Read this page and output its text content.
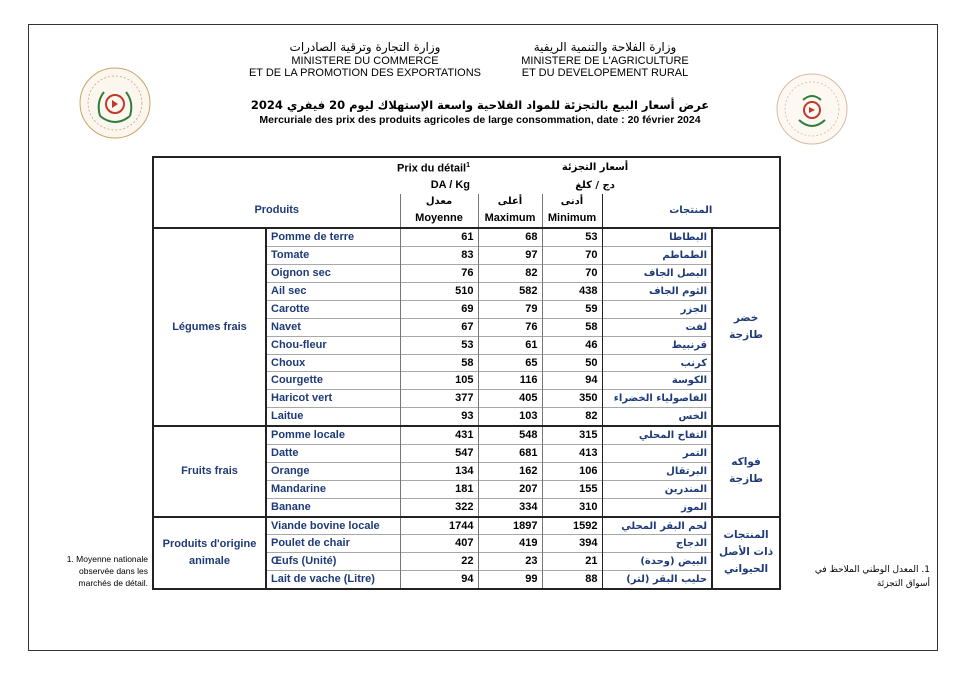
وزارة التجارة وترقية الصادرات
MINISTERE DU COMMERCE
ET DE LA PROMOTION DES EXPORTATIONS
وزارة الفلاحة والتنمية الريفية
MINISTERE DE L'AGRICULTURE
ET DU DEVELOPEMENT RURAL
عرض أسعار البيع بالتجزئة للمواد الفلاحية واسعة الإستهلاك ليوم 20 فيفري 2024
Mercuriale des prix des produits agricoles de large consommation, date : 20 février 2024
Prix du détail$^1$			أسعار التجزئة			
DA / Kg			دج / كلغ			
Produits		معدل	أعلى	أدنى	المنتجات	
		Moyenne	Maximum	Minimum		
Légumes frais	Pomme de terre	61	68	53	البطاطا	خضر طازجة
	Tomate	83	97	70	الطماطم	
	Oignon sec	76	82	70	البصل الجاف	
	Ail sec	510	582	438	الثوم الجاف	
	Carotte	69	79	59	الجزر	
	Navet	67	76	58	لفت	
	Chou-fleur	53	61	46	قرنبيط	
	Choux	58	65	50	كرنب	
	Courgette	105	116	94	الكوسة	
	Haricot vert	377	405	350	الفاصولياء الخضراء	
	Laitue	93	103	82	الخس	
Fruits frais	Pomme locale	431	548	315	التفاح المحلي	فواكه طازجة
	Datte	547	681	413	التمر	
	Orange	134	162	106	البرتقال	
	Mandarine	181	207	155	المندرين	
	Banane	322	334	310	الموز	
Produits d'origine animale	Viande bovine locale	1744	1897	1592	لحم البقر المحلي	المنتجات ذات الأصل الحيواني
	Poulet de chair	407	419	394	الدجاج	
	Œufs (Unité)	22	23	21	البيض (وحدة)	
	Lait de vache (Litre)	94	99	88	حليب البقر (لتر)	
1. Moyenne nationale observée dans les marchés de détail.
1. المعدل الوطني الملاحظ في أسواق التجزئة
